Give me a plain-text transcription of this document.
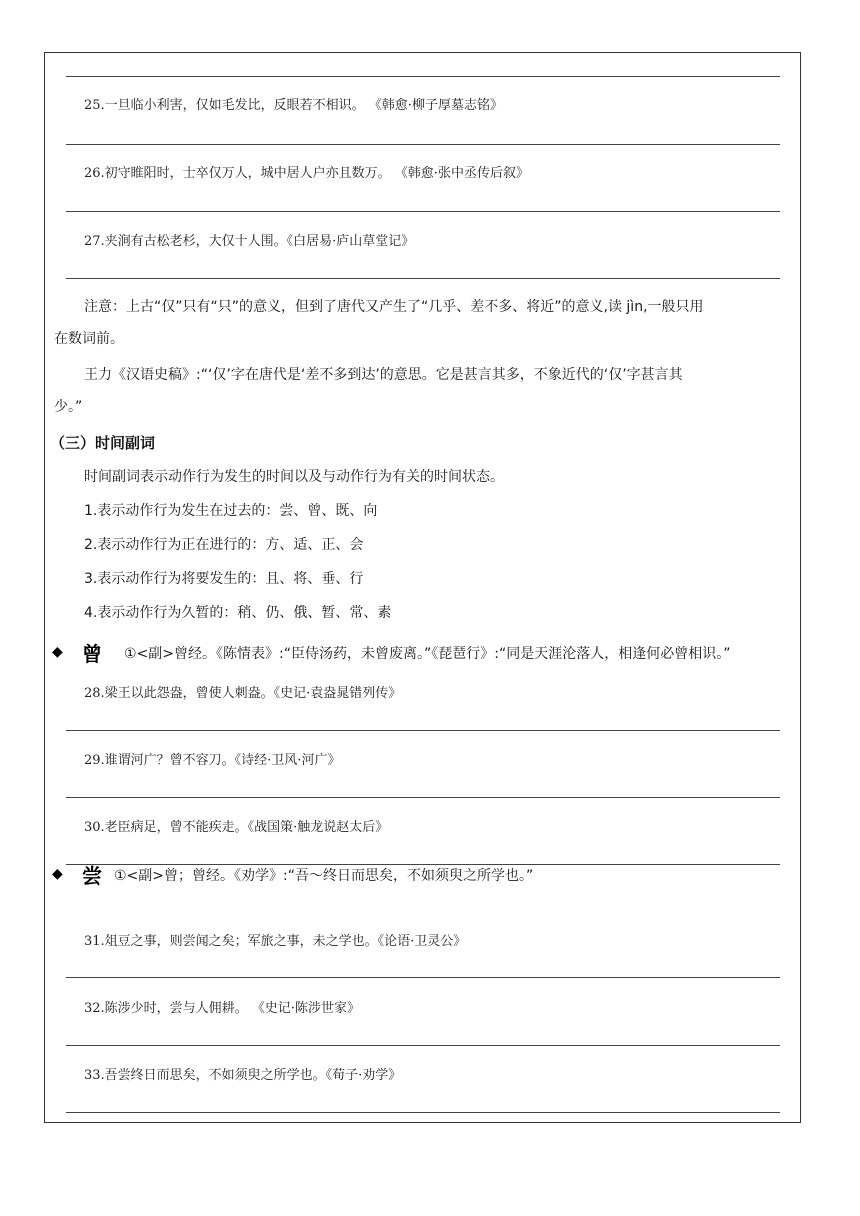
25.一旦临小利害，仅如毛发比，反眼若不相识。 《韩愈·柳子厚墓志铭》
26.初守睢阳时，士卒仅万人，城中居人户亦且数万。 《韩愈·张中丞传后叙》
27.夹涧有古松老杉，大仅十人围。《白居易·庐山草堂记》
注意：上古“仅”只有“只”的意义，但到了唐代又产生了“几乎、差不多、将近”的意义,读 jìn,一般只用
在数词前。
王力《汉语史稿》:“‘仅’字在唐代是‘差不多到达’的意思。它是甚言其多，不象近代的‘仅’字甚言其
少。”
（三）时间副词
时间副词表示动作行为发生的时间以及与动作行为有关的时间状态。
1.表示动作行为发生在过去的：尝、曾、既、向
2.表示动作行为正在进行的：方、适、正、会
3.表示动作行为将要发生的：且、将、垂、行
4.表示动作行为久暂的：稍、仍、俄、暂、常、素
◆ 曾 ①<副>曾经。《陈情表》:“臣侍汤药，未曾废离。”《琵琶行》:“同是天涯沦落人，相逢何必曾相识。”
28.梁王以此怨盎，曾使人刺盎。《史记·袁盎晁错列传》
29.谁谓河广？曾不容刀。《诗经·卫风·河广》
30.老臣病足，曾不能疾走。《战国策·触龙说赵太后》
◆ 尝 ①<副>曾；曾经。《劝学》:“吾～终日而思矣，不如须臾之所学也。”
31.俎豆之事，则尝闻之矣；军旅之事，未之学也。《论语·卫灵公》
32.陈涉少时，尝与人佣耕。 《史记·陈涉世家》
33.吾尝终日而思矣，不如须臾之所学也。《荀子·劝学》
